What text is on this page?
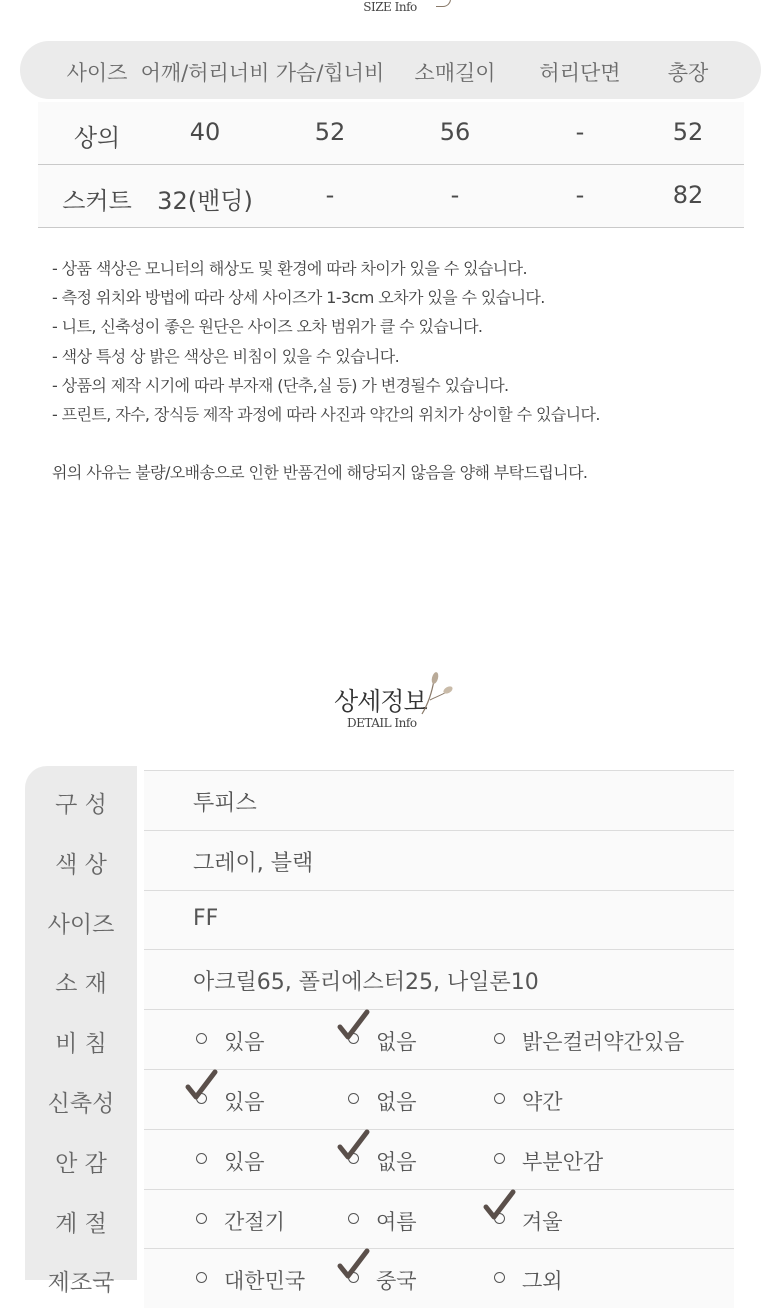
SIZE Info
사이즈 어깨/허리너비 가슴/힙너비 소매길이 허리단면 총장
상의	40	52	56	-	52
스커트 32(밴딩)	-	-	-	82
- 상품 색상은 모니터의 해상도 및 환경에 따라 차이가 있을 수 있습니다.
- 측정 위치와 방법에 따라 상세 사이즈가 1-3cm 오차가 있을 수 있습니다.
- 니트, 신축성이 좋은 원단은 사이즈 오차 범위가 클 수 있습니다.
- 색상 특성 상 밝은 색상은 비침이 있을 수 있습니다.
- 상품의 제작 시기에 따라 부자재 (단추,실 등) 가 변경될수 있습니다.
- 프린트, 자수, 장식등 제작 과정에 따라 사진과 약간의 위치가 상이할 수 있습니다.
위의 사유는 불량/오배송으로 인한 반품건에 해당되지 않음을 양해 부탁드립니다.
상세정보
DETAIL Info
구 성	투피스
색 상	그레이, 블랙
사이즈	FF
소 재	아크릴65, 폴리에스터25, 나일론10
비 침	있음	없음	밝은컬러약간있음
신축성	있음	없음	약간
안 감	있음	없음	부분안감
계 절	간절기	여름	겨울
제조국	대한민국	중국	그외
